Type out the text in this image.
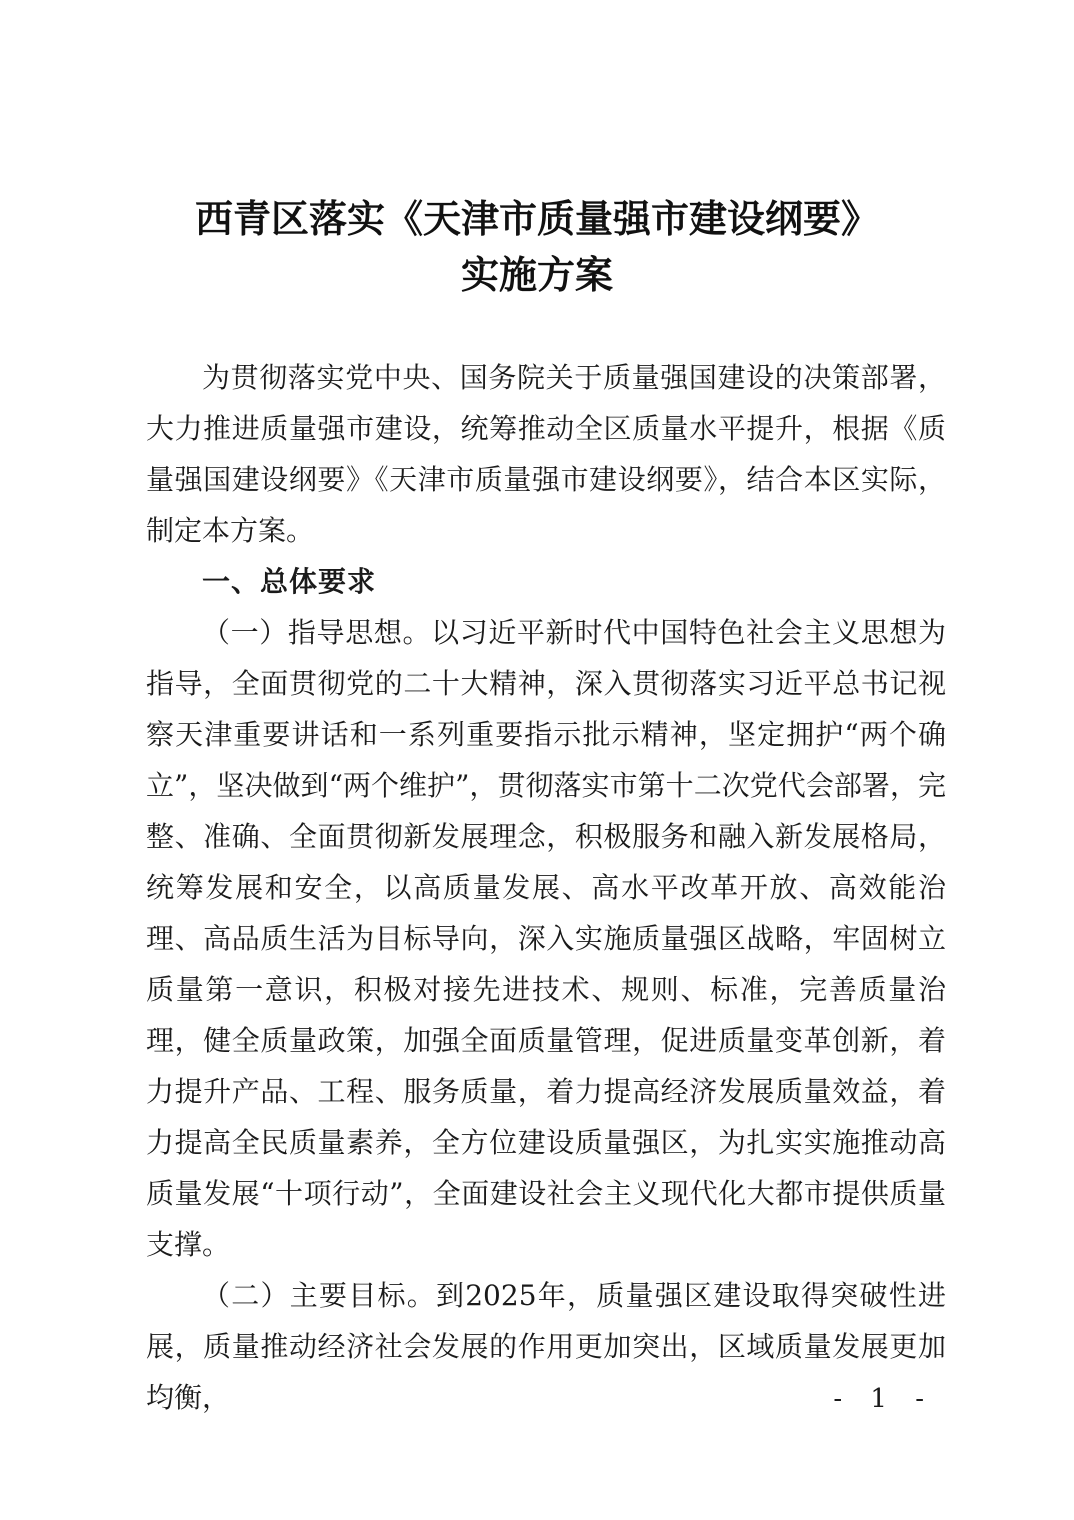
西青区落实《天津市质量强市建设纲要》
实施方案

为贯彻落实党中央、国务院关于质量强国建设的决策部署，大力推进质量强市建设，统筹推动全区质量水平提升，根据《质量强国建设纲要》《天津市质量强市建设纲要》，结合本区实际，制定本方案。

一、总体要求

（一）指导思想。以习近平新时代中国特色社会主义思想为指导，全面贯彻党的二十大精神，深入贯彻落实习近平总书记视察天津重要讲话和一系列重要指示批示精神，坚定拥护“两个确立”，坚决做到“两个维护”，贯彻落实市第十二次党代会部署，完整、准确、全面贯彻新发展理念，积极服务和融入新发展格局，统筹发展和安全，以高质量发展、高水平改革开放、高效能治理、高品质生活为目标导向，深入实施质量强区战略，牢固树立质量第一意识，积极对接先进技术、规则、标准，完善质量治理，健全质量政策，加强全面质量管理，促进质量变革创新，着力提升产品、工程、服务质量，着力提高经济发展质量效益，着力提高全民质量素养，全方位建设质量强区，为扎实实施推动高质量发展“十项行动”，全面建设社会主义现代化大都市提供质量支撑。

（二）主要目标。到2025年，质量强区建设取得突破性进展，质量推动经济社会发展的作用更加突出，区域质量发展更加均衡，	- 1 -
